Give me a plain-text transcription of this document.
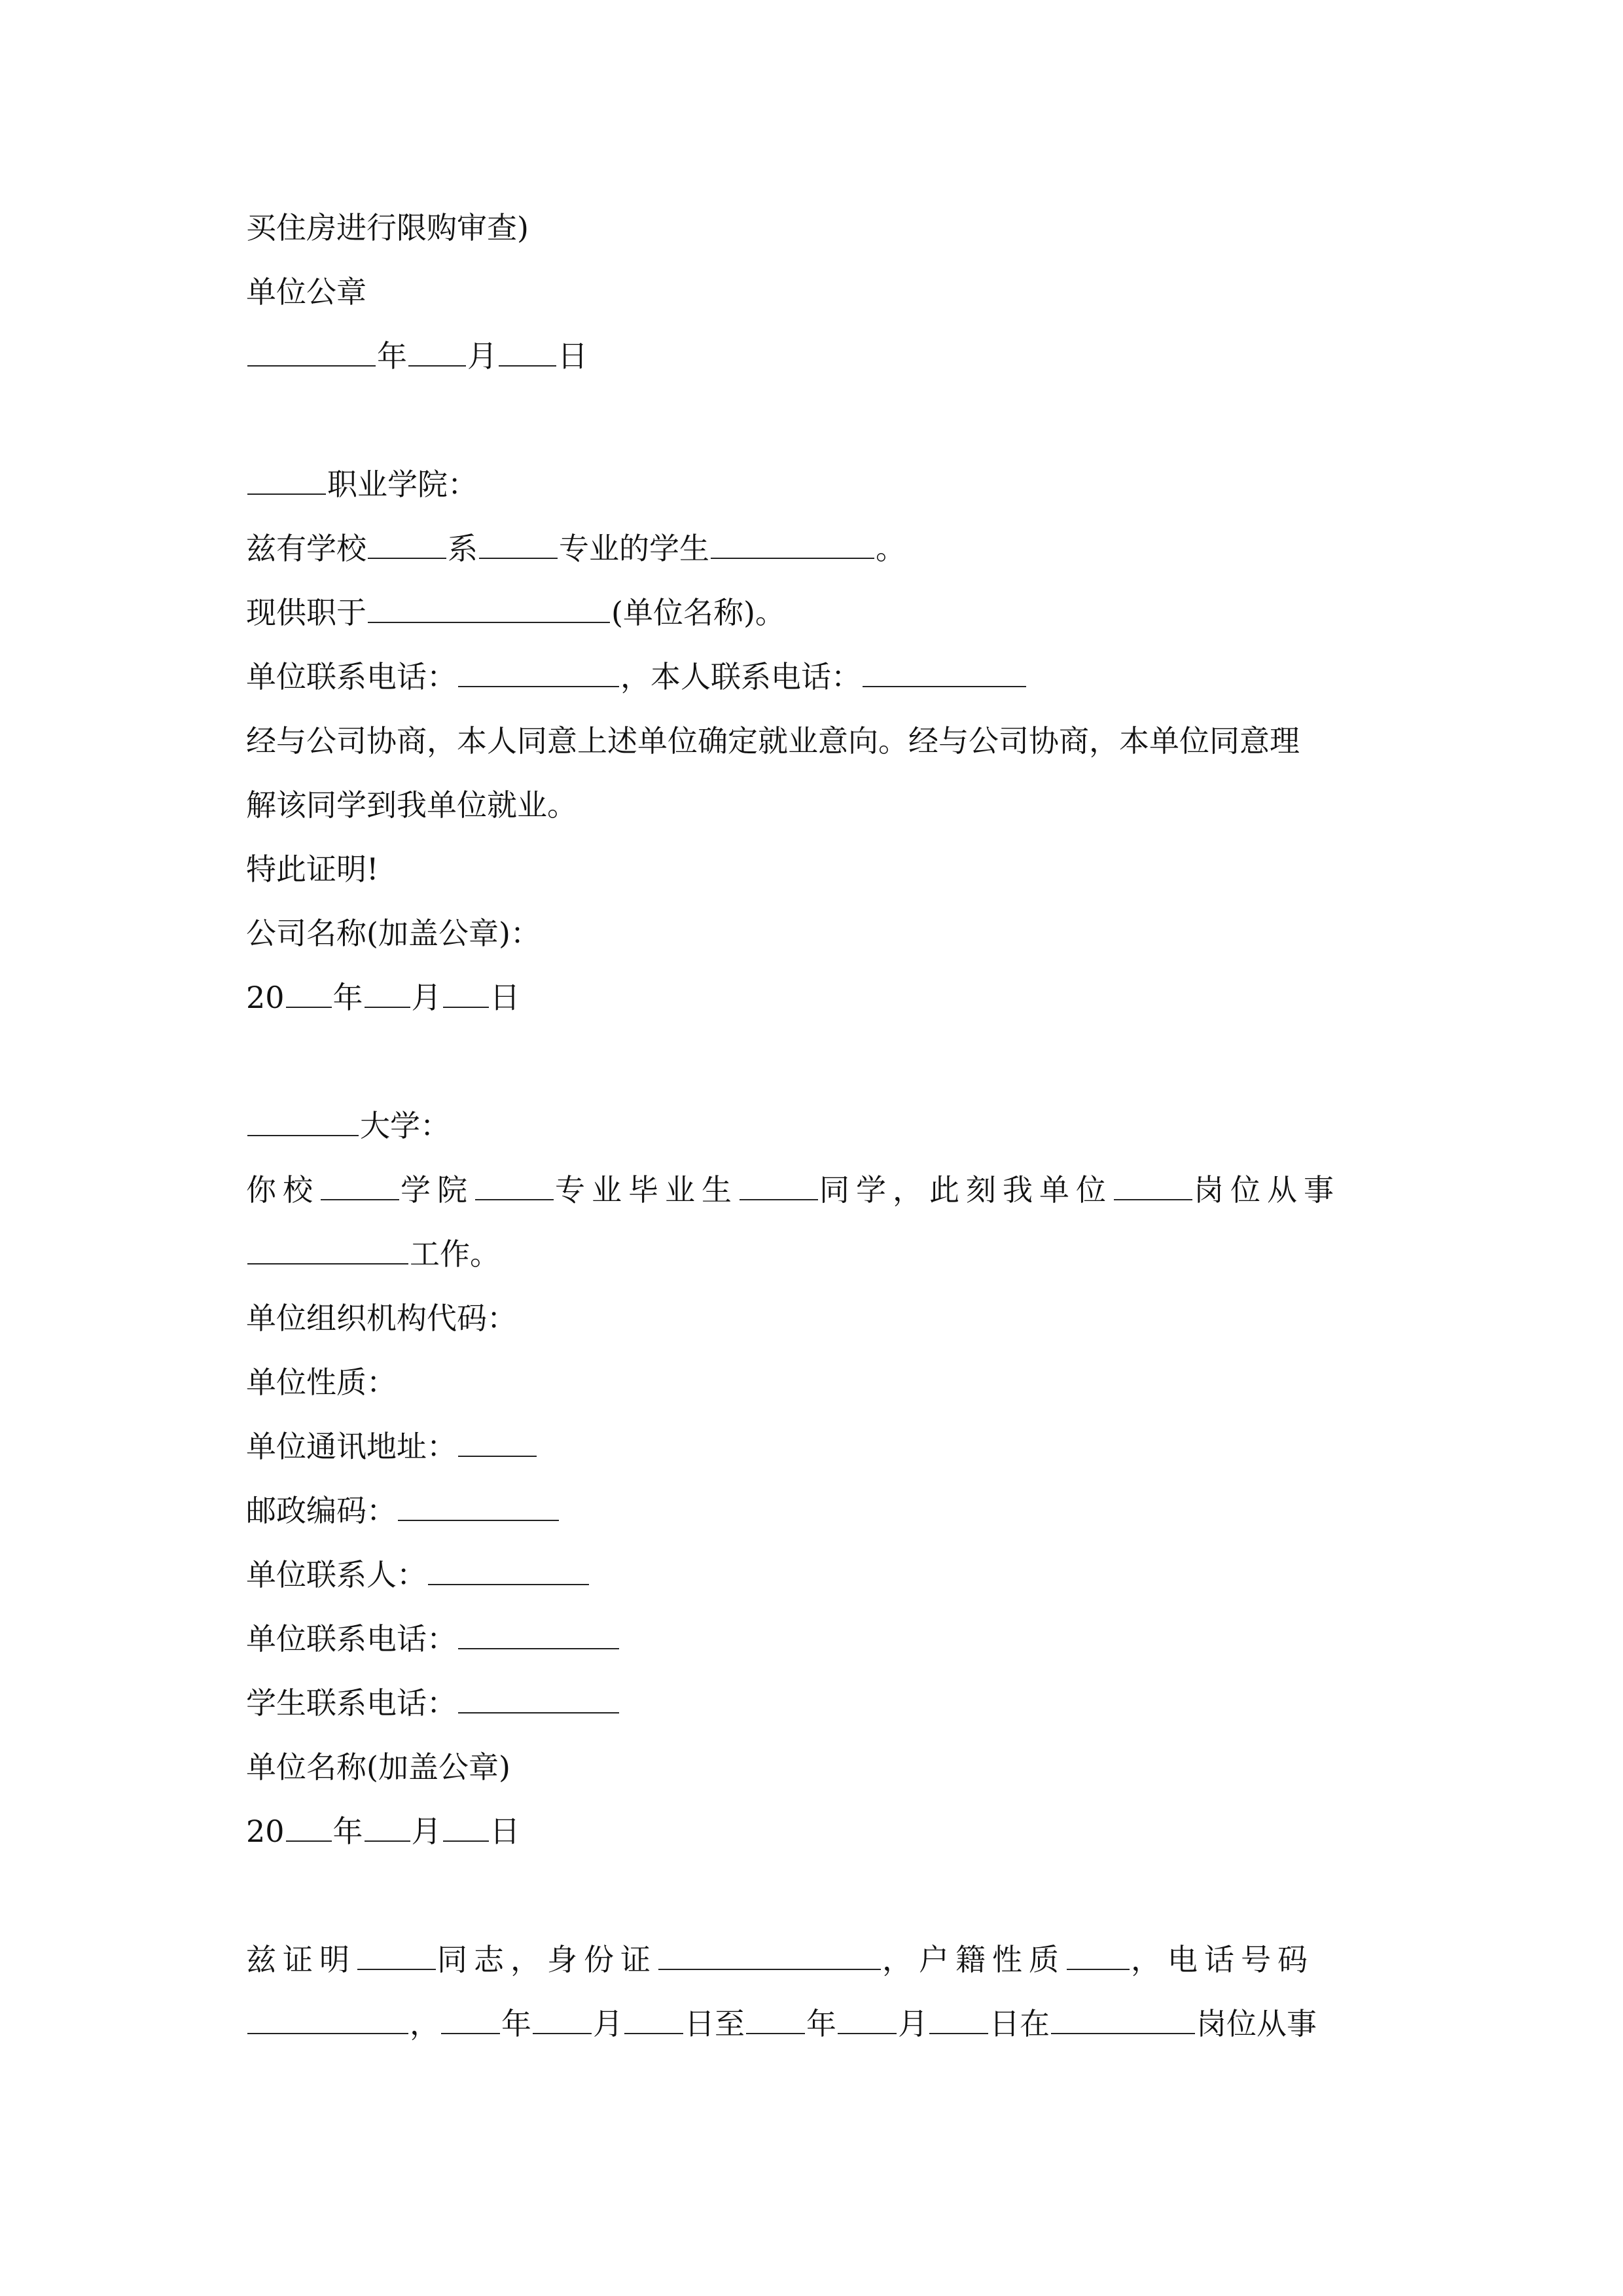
买住房进行限购审查)
单位公章
年 月 日
职业学院：
兹有学校	系	专业的学生	。
现供职于	(单位名称)。
单位联系电话：	，本人联系电话：
经与公司协商，本人同意上述单位确定就业意向。经与公司协商，本单位同意理
解该同学到我单位就业。
特此证明!
公司名称(加盖公章)：
20 年 月 日
大学：
你校	学院	专业毕业生	同学，此刻我单位	岗位从事
工作。
单位组织机构代码：
单位性质：
单位通讯地址：
邮政编码：
单位联系人：
单位联系电话：
学生联系电话：
单位名称(加盖公章)
20 年 月 日
兹证明	同志，身份证	，户籍性质 ，电话号码
， 年 月 日至 年 月 日在	岗位从事
